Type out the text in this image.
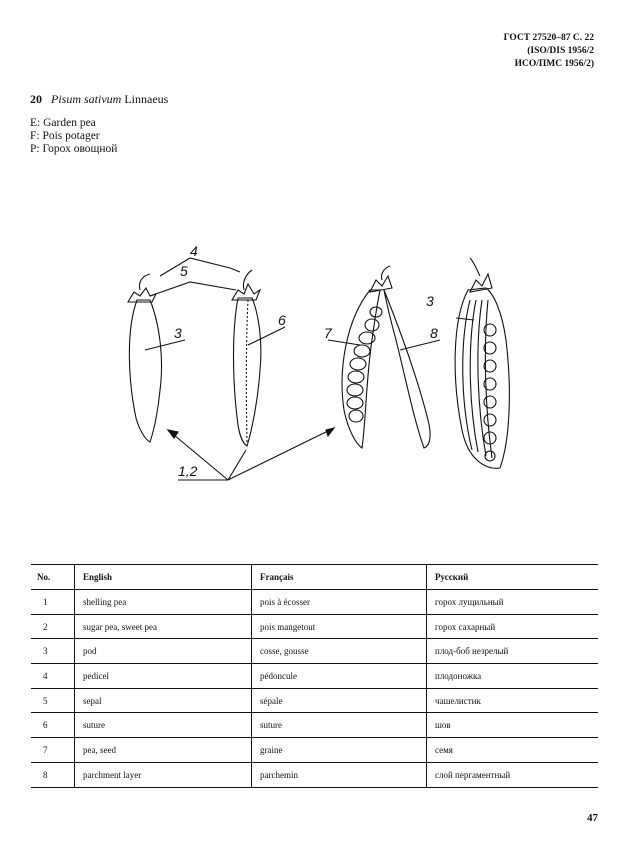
ГОСТ 27520–87 С. 22
(ISO/DIS 1956/2
ИСО/ПМС 1956/2)
20 Pisum sativum Linnaeus
E: Garden pea
F: Pois potager
P: Горох овощной
4
5
3
6
7	8
3
1,2
No.	English	Français	Русский
1	shelling pea	pois à écosser	горох лущильный
2	sugar pea, sweet pea	pois mangetout	горох сахарный
3	pod	cosse, gousse	плод-боб незрелый
4	pedicel	pédoncule	плодоножка
5	sepal	sépale	чашелистик
6	suture	suture	шов
7	pea, seed	graine	семя
8	parchment layer	parchemin	слой пергаментный
47
